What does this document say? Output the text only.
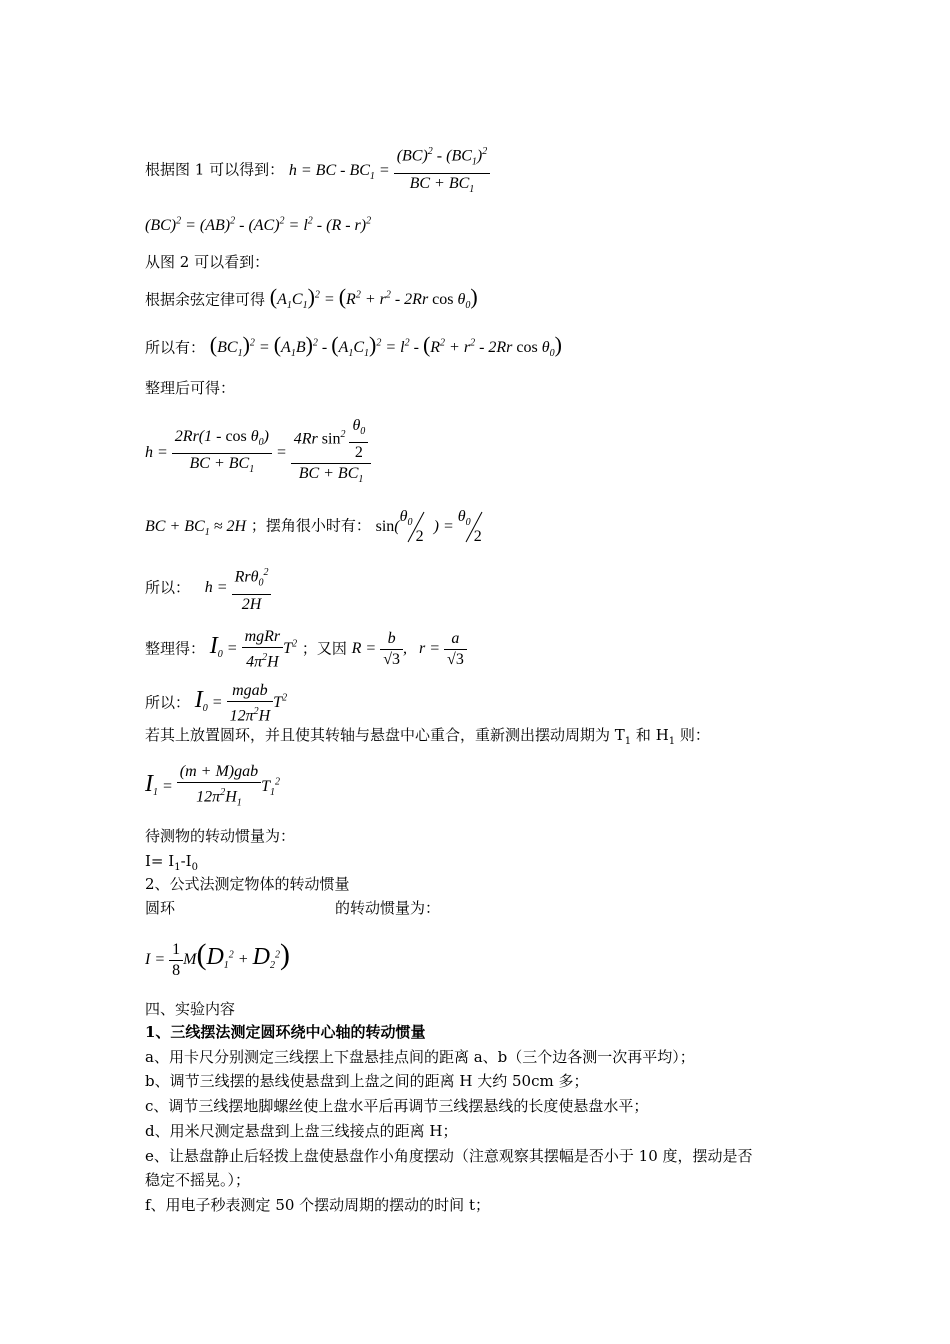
根据图 1 可以得到： h = BC - $BC_1 = \frac{(BC)^2 - (BC_1)^2}{BC + BC_1}$
$(BC)^2 = (AB)^2 - (AC)^2 = l^2 - (R - r)^2$
从图 2 可以看到：
根据余弦定律可得 $(A_1C_1)^2 = (R^2 + r^2 - 2Rr$ $\cos \theta_0$)
所以有： $(BC_1)^2 = (A_1B)^2 - (A_1C_1)^2 = l^2 - (R^2 + r^2 - 2Rr$ $\cos \theta_0$)
整理后可得：
$h = \frac{2Rr(1 - \cos \theta_0)}{BC + BC_1} = \frac{4Rr \sin^2 \frac{\theta_0}{2}}{BC + BC_1}$
BC + $BC_1 \approx 2H$ ；摆角很小时有： sin(
$\theta_0$
2
) =
$\theta_0$
2
所以： $h = \frac{Rr\theta_0^2}{2H}$
整理得： $I_0 = \frac{\text{mgRr}}{4\pi^2H} T^2$ ；又因 $R = \frac{b}{√3}$ ,   $r = \frac{a}{√3}$
所以： $I_0 = \frac{\text{mgab}}{12\pi^2H} T^2$
若其上放置圆环，并且使其转轴与悬盘中心重合，重新测出摆动周期为 $T_1$ 和 $H_1$ 则：
$I_1 = \frac{\text{(m + M)gab}}{12\pi^2H_1} T_1^2$
待测物的转动惯量为：
$I= I_1-I_0$
2、公式法测定物体的转动惯量
圆环	的转动惯量为：
$I = \frac{1}{8} M(D_1^2 + D_2^2)$
四、实验内容
1、三线摆法测定圆环绕中心轴的转动惯量
a、用卡尺分别测定三线摆上下盘悬挂点间的距离 a、b（三个边各测一次再平均）；
b、调节三线摆的悬线使悬盘到上盘之间的距离 H 大约 50cm 多；
c、调节三线摆地脚螺丝使上盘水平后再调节三线摆悬线的长度使悬盘水平；
d、用米尺测定悬盘到上盘三线接点的距离 H；
e、让悬盘静止后轻拨上盘使悬盘作小角度摆动（注意观察其摆幅是否小于 10 度，摆动是否
稳定不摇晃。）；
f、用电子秒表测定 50 个摆动周期的摆动的时间 t；
